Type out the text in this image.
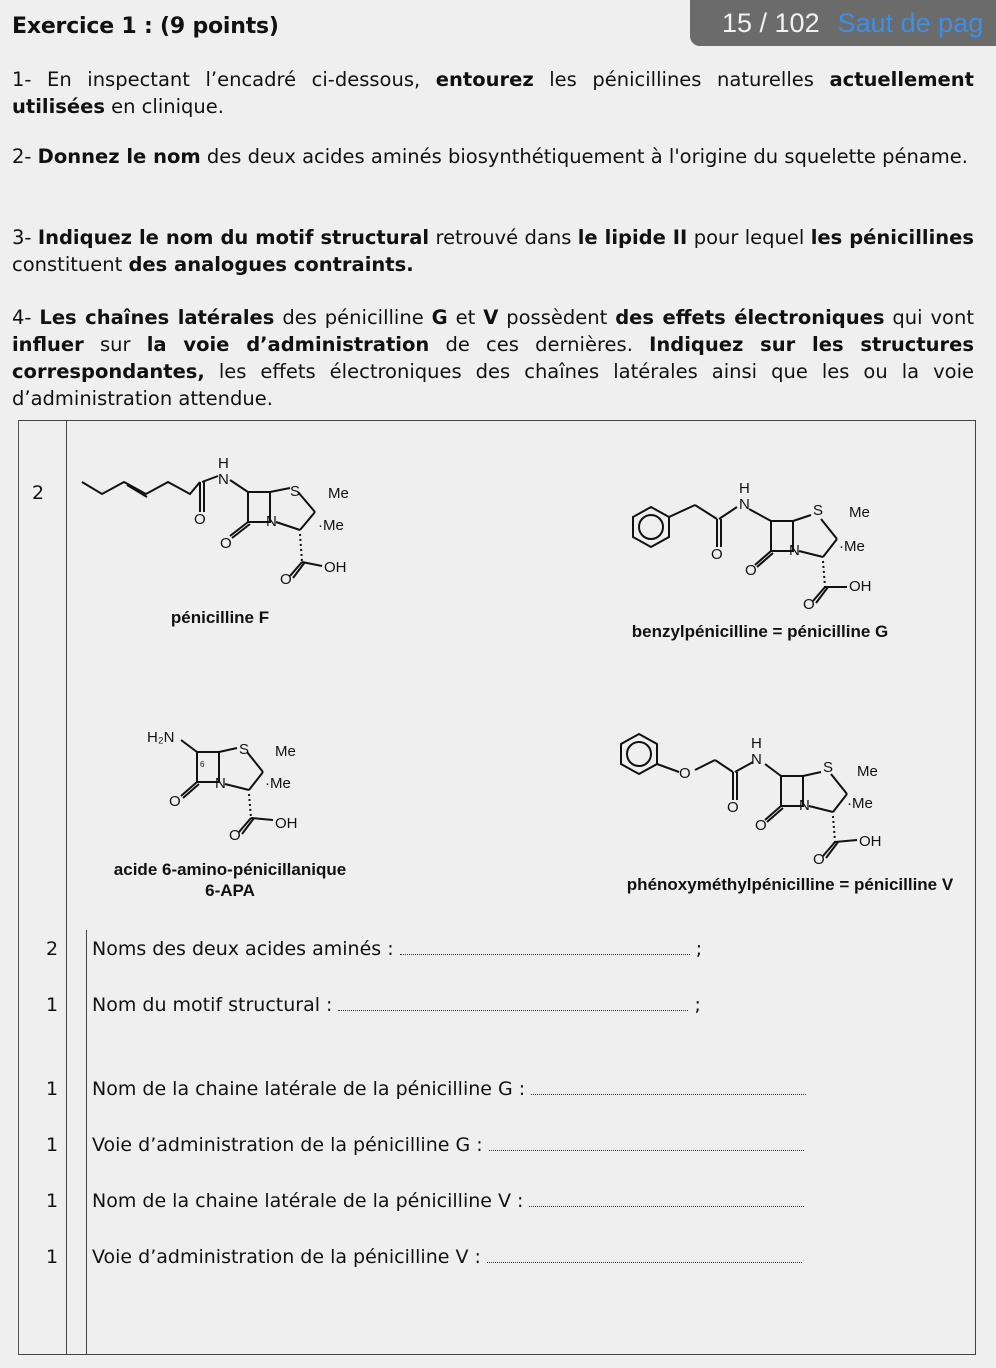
Exercice 1 : (9 points)	15 / 102 Saut de pag
1- En inspectant l’encadré ci-dessous, entourez les pénicillines naturelles actuellement utilisées en clinique.
2- Donnez le nom des deux acides aminés biosynthétiquement à l'origine du squelette péname.
3- Indiquez le nom du motif structural retrouvé dans le lipide II pour lequel les pénicillines constituent des analogues contraints.
4- Les chaînes latérales des pénicilline G et V possèdent des effets électroniques qui vont influer sur la voie d’administration de ces dernières. Indiquez sur les structures correspondantes, les effets électroniques des chaînes latérales ainsi que les ou la voie d’administration attendue.
2
H
N
S Me
·Me
N
O
O
O
OH
pénicilline F
H
N	S Me
·Me
N
O
O
O
OH
benzylpénicilline = pénicilline G
H₂N
6
S Me
·Me
N
O
O
OH
acide 6-amino-pénicillanique
6-APA
O
H
N	S Me
·Me
N
O
O
O
OH
phénoxyméthylpénicilline = pénicilline V
2 Noms des deux acides aminés :	;
1 Nom du motif structural :	;
1 Nom de la chaine latérale de la pénicilline G :
1 Voie d’administration de la pénicilline G :
1 Nom de la chaine latérale de la pénicilline V :
1 Voie d’administration de la pénicilline V :
